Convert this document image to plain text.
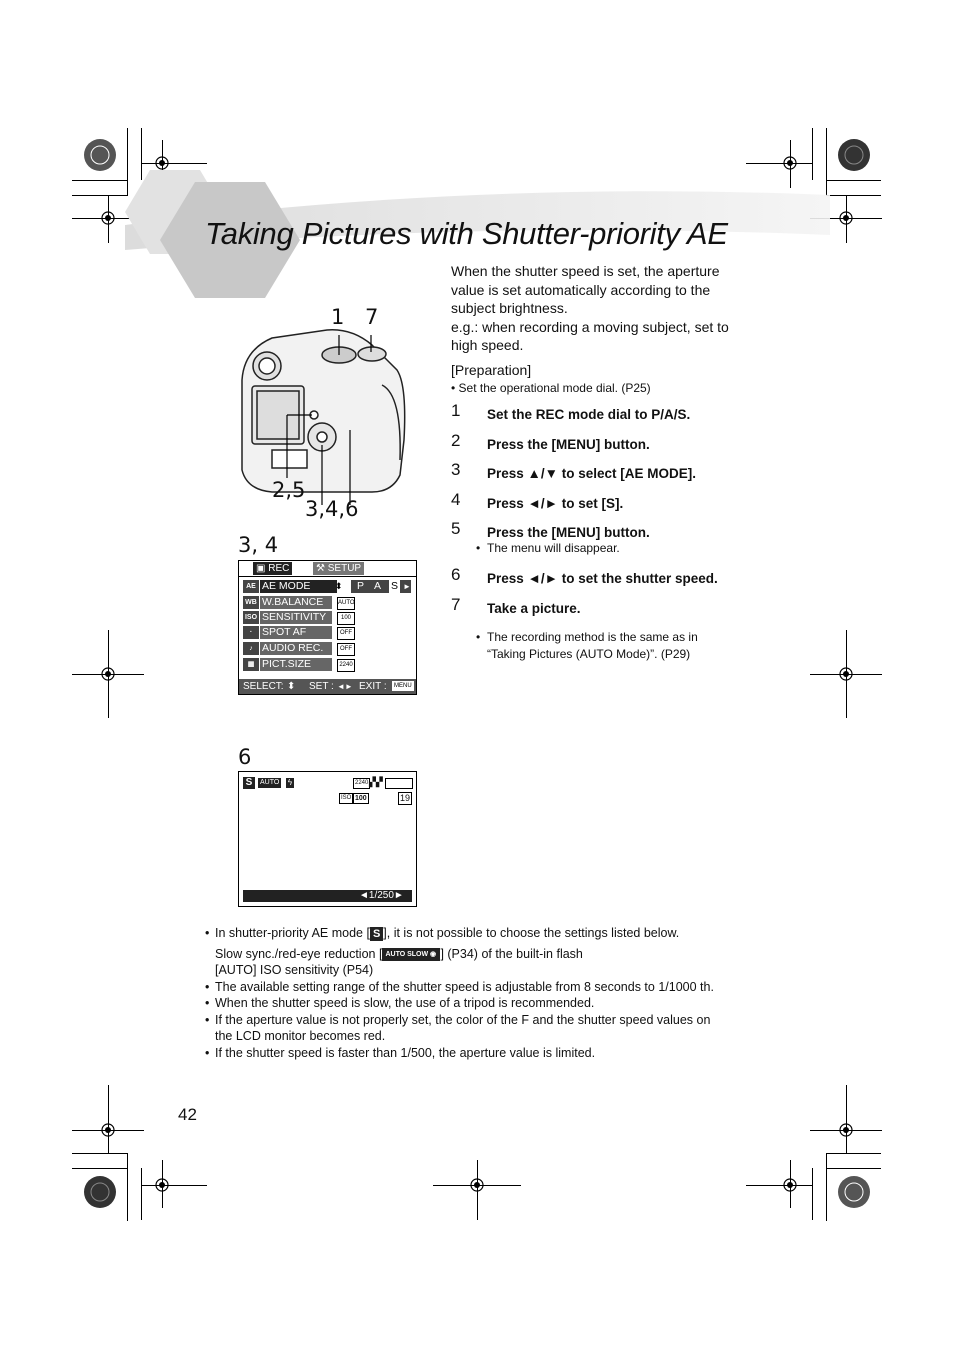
Taking Pictures with Shutter-priority AE
When the shutter speed is set, the aperture
value is set automatically according to the
subject brightness.
e.g.: when recording a moving subject, set to
high speed.
[Preparation]
• Set the operational mode dial. (P25)
1 Set the REC mode dial to P/A/S.
2 Press the [MENU] button.
3 Press ▲/▼ to select [AE MODE].
4 Press ◄/► to set [S].
5 Press the [MENU] button.
• The menu will disappear.
6 Press ◄/► to set the shutter speed.
7 Take a picture.
• The recording method is the same as in
“Taking Pictures (AUTO Mode)”. (P29)
1 7
2,5
3,4,6
3, 4
▣ REC	⚒ SETUP
AE AE MODE	⬍ P A S ►
WB W.BALANCE	AUTO
ISO SENSITIVITY	100
· SPOT AF	OFF
♪ AUDIO REC.	OFF
▦ PICT.SIZE	2240
SELECT: ⬍ SET : ◄► EXIT :	MENU
6
S	AUTO ϟ	2240 ▞▞
ISO 100	19
◄1/250►
• In shutter-priority AE mode [ S ], it is not possible to choose the settings listed below.
Slow sync./red-eye reduction [ AUTO SLOW ◉ ] (P34) of the built-in flash
[AUTO] ISO sensitivity (P54)
• The available setting range of the shutter speed is adjustable from 8 seconds to 1/1000 th.
• When the shutter speed is slow, the use of a tripod is recommended.
• If the aperture value is not properly set, the color of the F and the shutter speed values on
the LCD monitor becomes red.
• If the shutter speed is faster than 1/500, the aperture value is limited.
42
